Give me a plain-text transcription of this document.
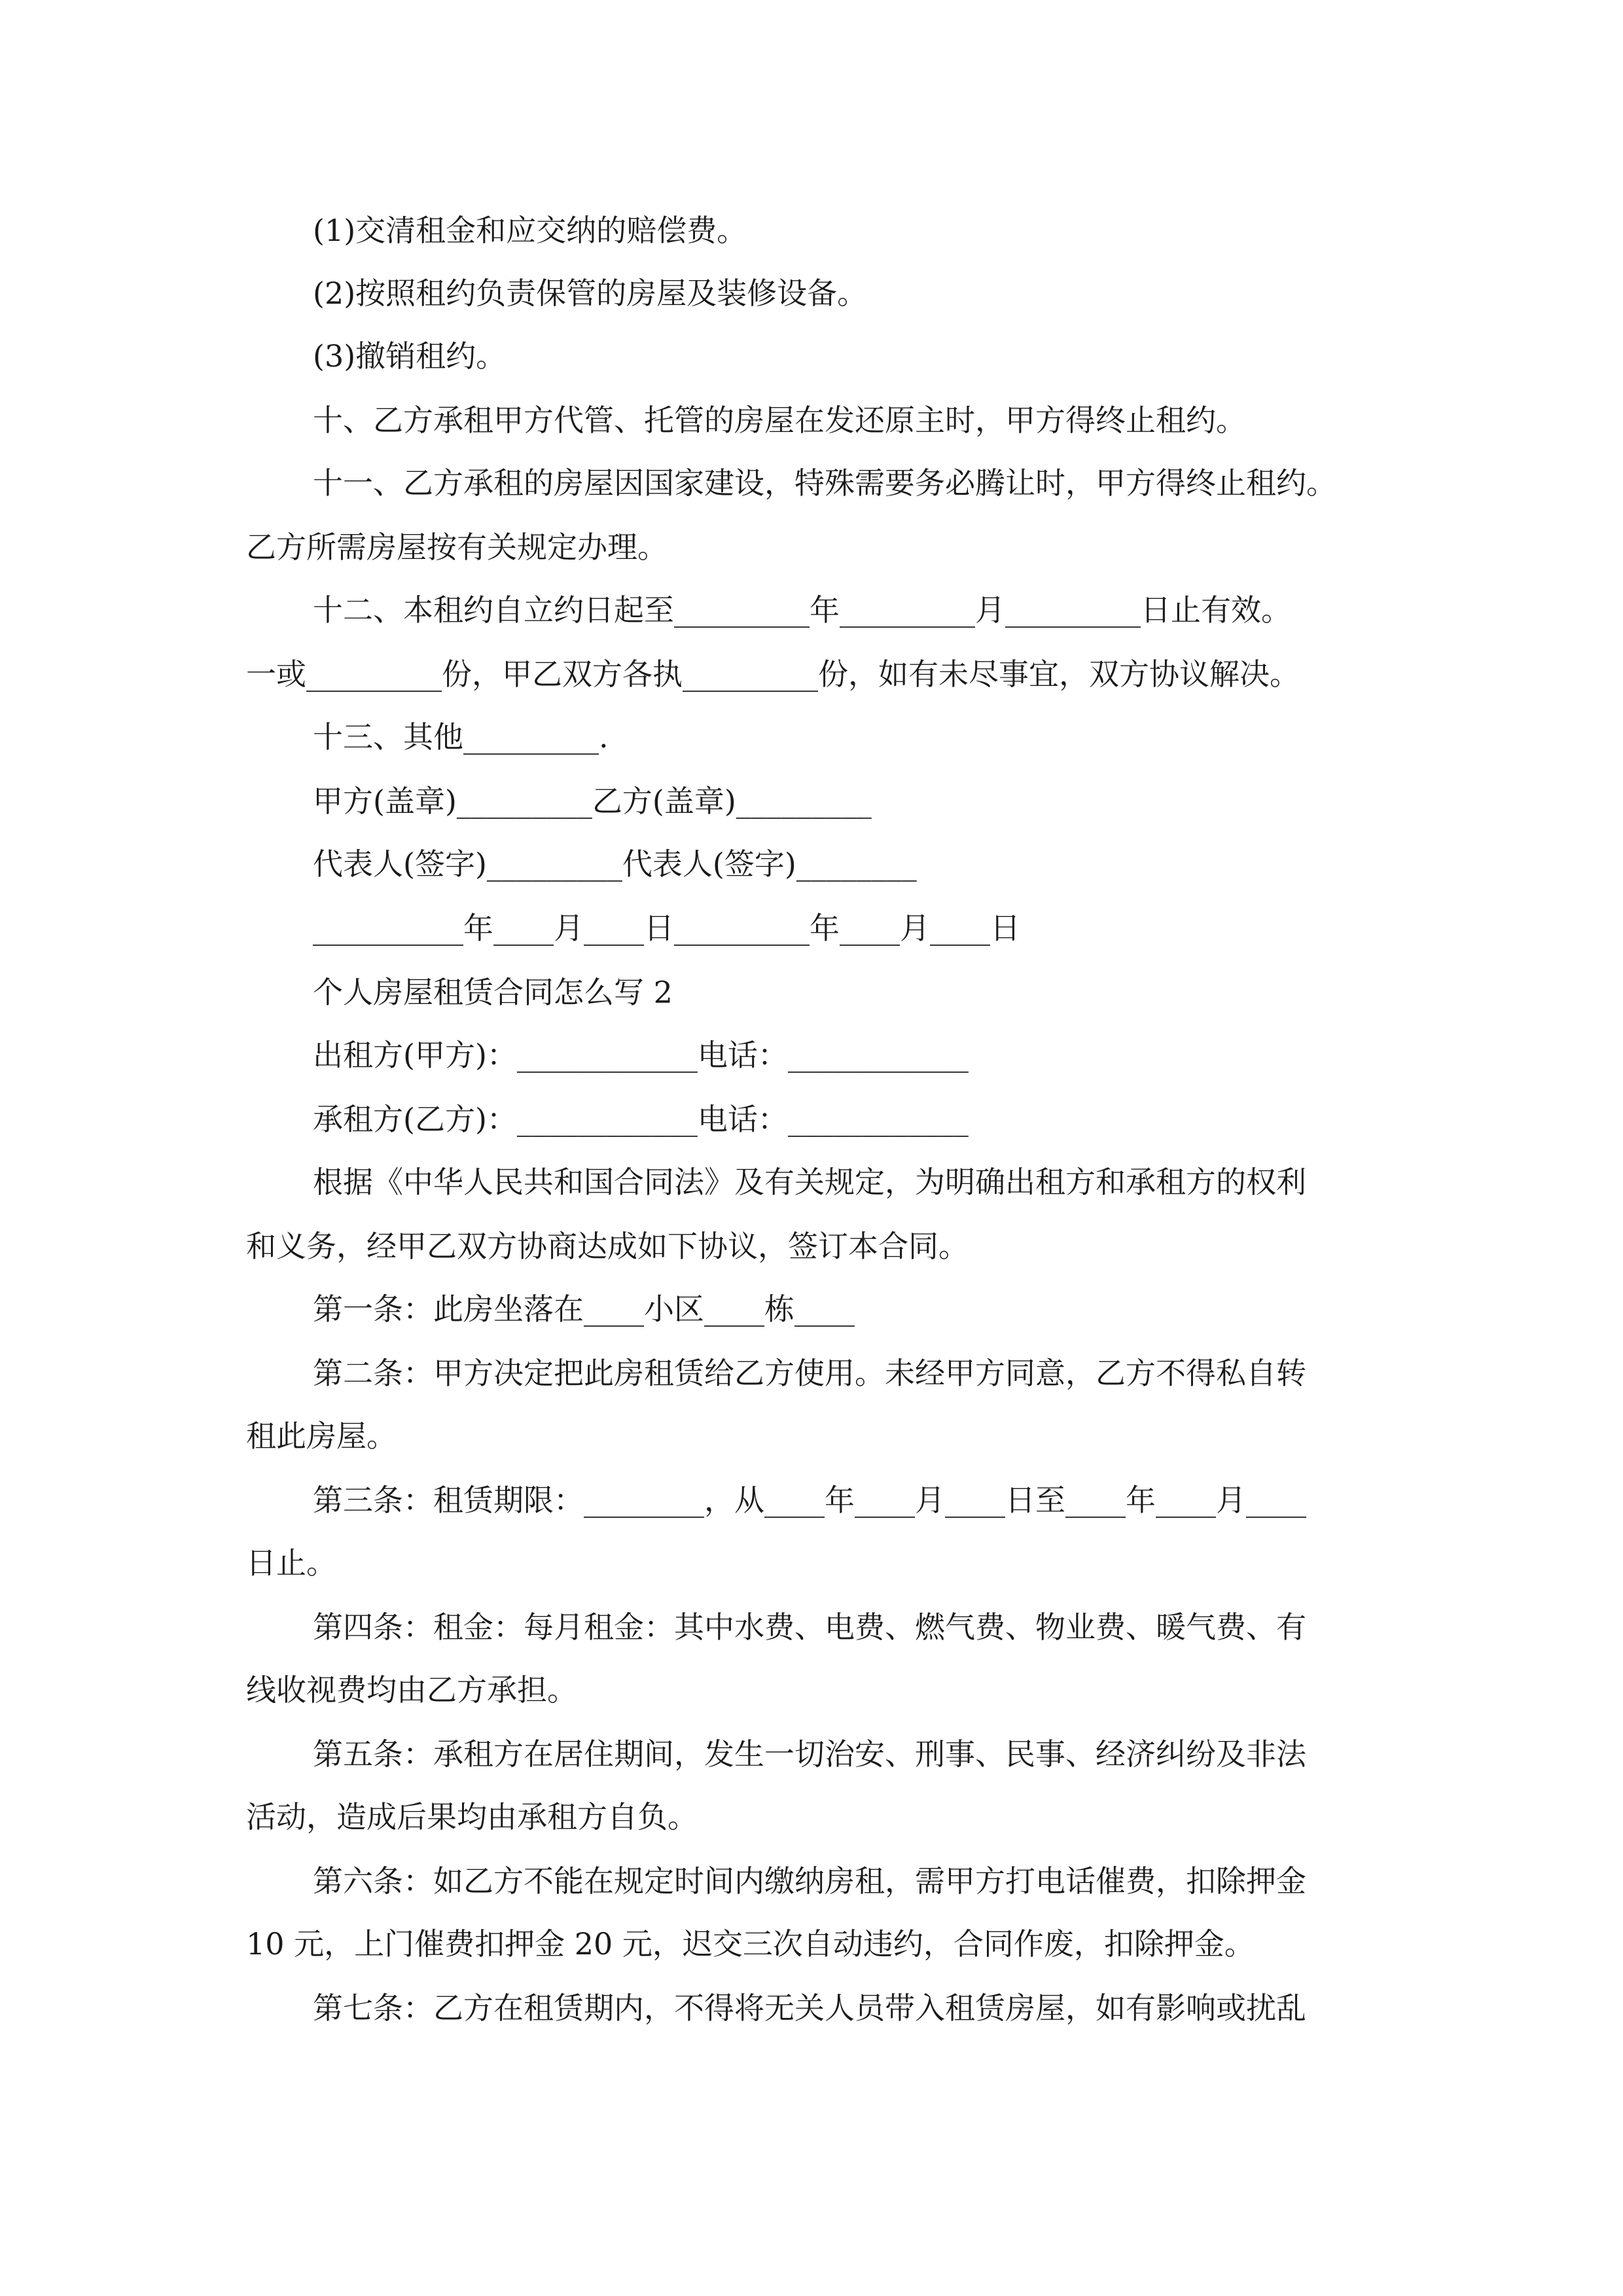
(1)交清租金和应交纳的赔偿费。
(2)按照租约负责保管的房屋及装修设备。
(3)撤销租约。
十、乙方承租甲方代管、托管的房屋在发还原主时，甲方得终止租约。
十一、乙方承租的房屋因国家建设，特殊需要务必腾让时，甲方得终止租约。
乙方所需房屋按有关规定办理。
十二、本租约自立约日起至_________年_________月_________日止有效。
一或_________份，甲乙双方各执_________份，如有未尽事宜，双方协议解决。
十三、其他_________.
甲方(盖章)_________乙方(盖章)_________
代表人(签字)_________代表人(签字)________
__________年____月____日_________年____月____日
个人房屋租赁合同怎么写 2
出租方(甲方)：____________电话：____________
承租方(乙方)：____________电话：____________
根据《中华人民共和国合同法》及有关规定，为明确出租方和承租方的权利
和义务，经甲乙双方协商达成如下协议，签订本合同。
第一条：此房坐落在____小区____栋____
第二条：甲方决定把此房租赁给乙方使用。未经甲方同意，乙方不得私自转
租此房屋。
第三条：租赁期限：________，从____年____月____日至____年____月____
日止。
第四条：租金：每月租金：其中水费、电费、燃气费、物业费、暖气费、有
线收视费均由乙方承担。
第五条：承租方在居住期间，发生一切治安、刑事、民事、经济纠纷及非法
活动，造成后果均由承租方自负。
第六条：如乙方不能在规定时间内缴纳房租，需甲方打电话催费，扣除押金
10 元，上门催费扣押金 20 元，迟交三次自动违约，合同作废，扣除押金。
第七条：乙方在租赁期内，不得将无关人员带入租赁房屋，如有影响或扰乱
